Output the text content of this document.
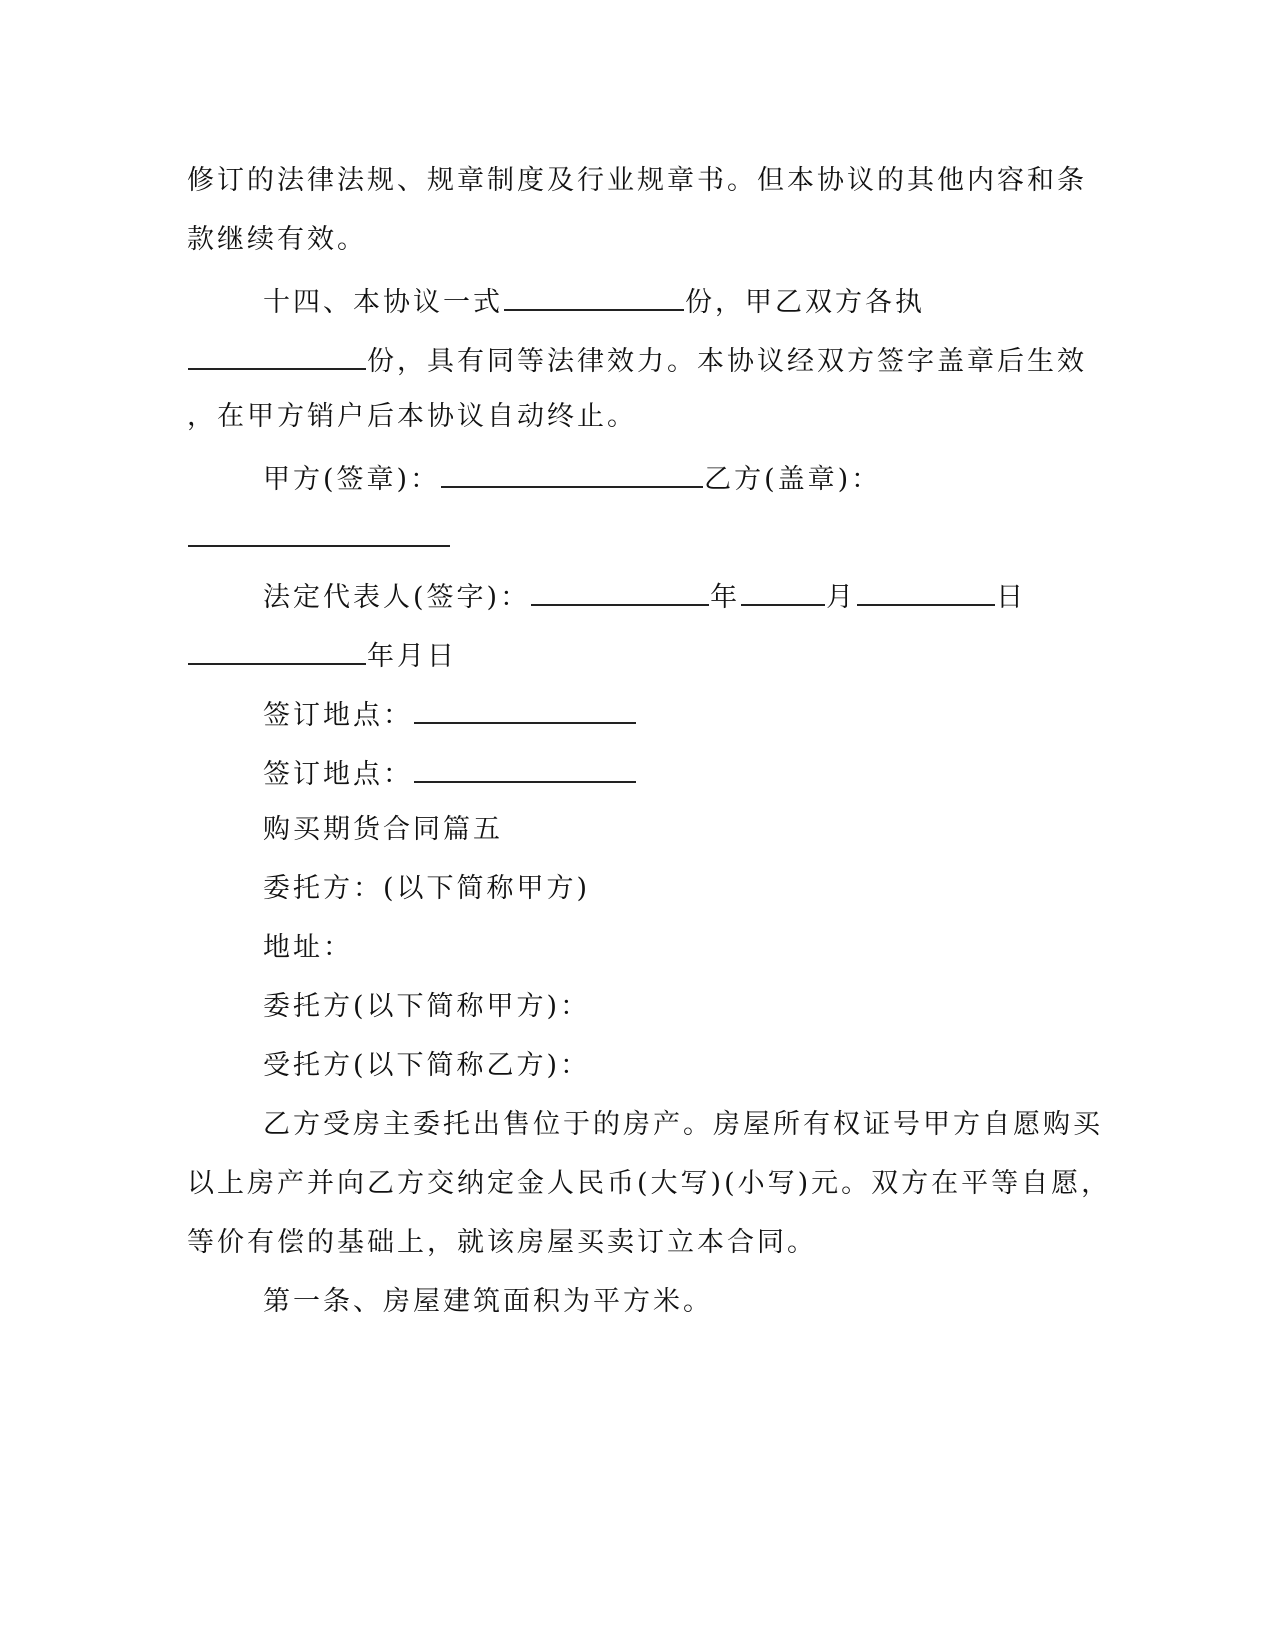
修订的法律法规、规章制度及行业规章书。但本协议的其他内容和条
款继续有效。
十四、本协议一式	份，甲乙双方各执
份，具有同等法律效力。本协议经双方签字盖章后生效
，在甲方销户后本协议自动终止。
甲方(签章)：	乙方(盖章)：
法定代表人(签字)：	年	月	日
年月日
签订地点：
签订地点：
购买期货合同篇五
委托方：(以下简称甲方)
地址：
委托方(以下简称甲方)：
受托方(以下简称乙方)：
乙方受房主委托出售位于的房产。房屋所有权证号甲方自愿购买
以上房产并向乙方交纳定金人民币(大写)(小写)元。双方在平等自愿，
等价有偿的基础上，就该房屋买卖订立本合同。
第一条、房屋建筑面积为平方米。
